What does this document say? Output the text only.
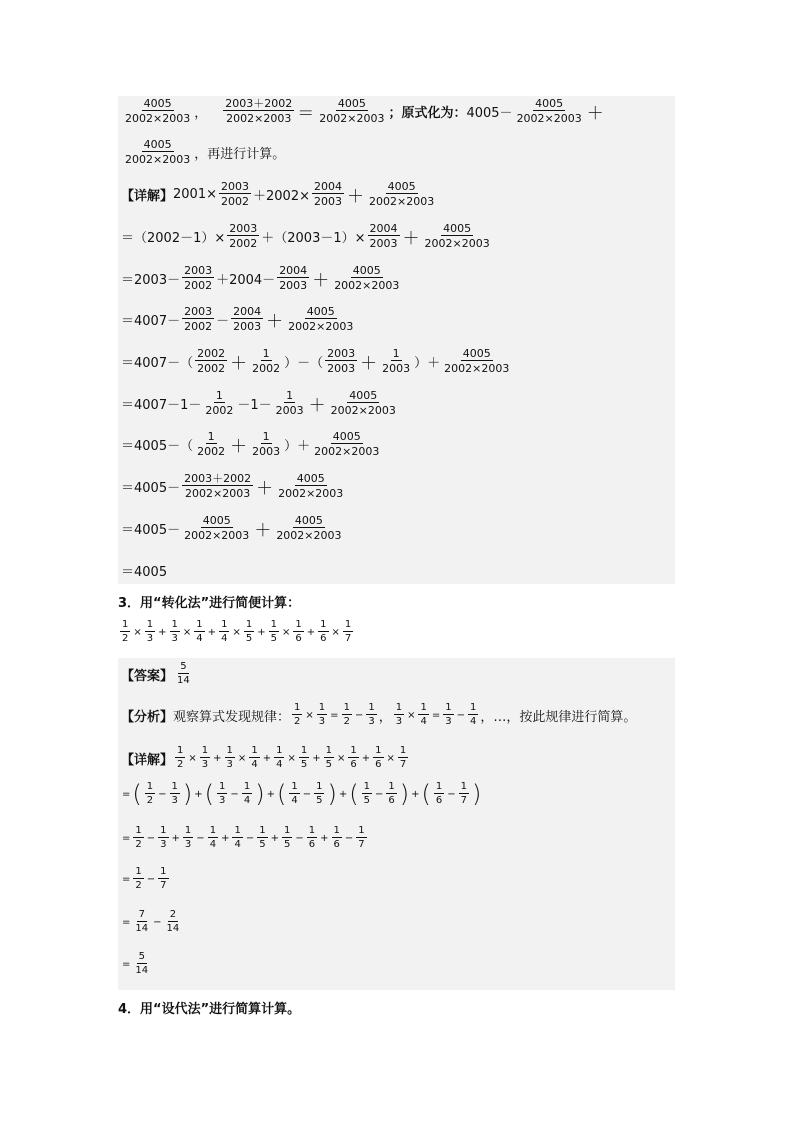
$\frac{4005}{2002\times 2003}$ ， $\frac{2003+2002}{2002\times 2003} = \frac{4005}{2002\times 2003}$ ；原式化为： $4005- \frac{4005}{2002\times 2003}$ ＋
$\frac{4005}{2002\times 2003}$ ，再进行计算。
【详解】 $2001\times \frac{2003}{2002} +2002\times \frac{2004}{2003} + \frac{4005}{2002\times 2003}$
$=(2002-1)\times \frac{2003}{2002} +(2003-1)\times \frac{2004}{2003} + \frac{4005}{2002\times 2003}$
$=2003- \frac{2003}{2002} +2004- \frac{2004}{2003} + \frac{4005}{2002\times 2003}$
$=4007- \frac{2003}{2002} - \frac{2004}{2003} + \frac{4005}{2002\times 2003}$
$=4007-( \frac{2002}{2002} + \frac{1}{2002}$ ）－（ $\frac{2003}{2003} + \frac{1}{2003}$ ）＋ $\frac{4005}{2002\times 2003}$
$=4007-1- \frac{1}{2002} -1- \frac{1}{2003} + \frac{4005}{2002\times 2003}$
$=4005-( \frac{1}{2002} + \frac{1}{2003}$ ）＋ $\frac{4005}{2002\times 2003}$
$=4005- \frac{2003+2002}{2002\times 2003} + \frac{4005}{2002\times 2003}$
$=4005- \frac{4005}{2002\times 2003} + \frac{4005}{2002\times 2003}$
＝4005
3．用“转化法”进行简便计算：
$\frac{1}{2} \times \frac{1}{3} + \frac{1}{3} \times \frac{1}{4} + \frac{1}{4} \times \frac{1}{5} + \frac{1}{5} \times \frac{1}{6} + \frac{1}{6} \times \frac{1}{7}$
【答案】 $\frac{5}{14}$
【分析】 观察算式发现规律： $\frac{1}{2} \times \frac{1}{3} = \frac{1}{2} - \frac{1}{3}$ ， $\frac{1}{3} \times \frac{1}{4} = \frac{1}{3} - \frac{1}{4}$ ，…，按此规律进行简算。
【详解】 $\frac{1}{2} \times \frac{1}{3} + \frac{1}{3} \times \frac{1}{4} + \frac{1}{4} \times \frac{1}{5} + \frac{1}{5} \times \frac{1}{6} + \frac{1}{6} \times \frac{1}{7}$
= ( $\frac{1}{2} - \frac{1}{3}$ ) + ( $\frac{1}{3} - \frac{1}{4}$ ) + ( $\frac{1}{4} - \frac{1}{5}$ ) + ( $\frac{1}{5} - \frac{1}{6}$ ) + ( $\frac{1}{6} - \frac{1}{7}$ )
= $\frac{1}{2} - \frac{1}{3} + \frac{1}{3} - \frac{1}{4} + \frac{1}{4} - \frac{1}{5} + \frac{1}{5} - \frac{1}{6} + \frac{1}{6} - \frac{1}{7}$
= $\frac{1}{2} - \frac{1}{7}$
= $\frac{7}{14} - \frac{2}{14}$
= $\frac{5}{14}$
4．用“设代法”进行简算计算。
